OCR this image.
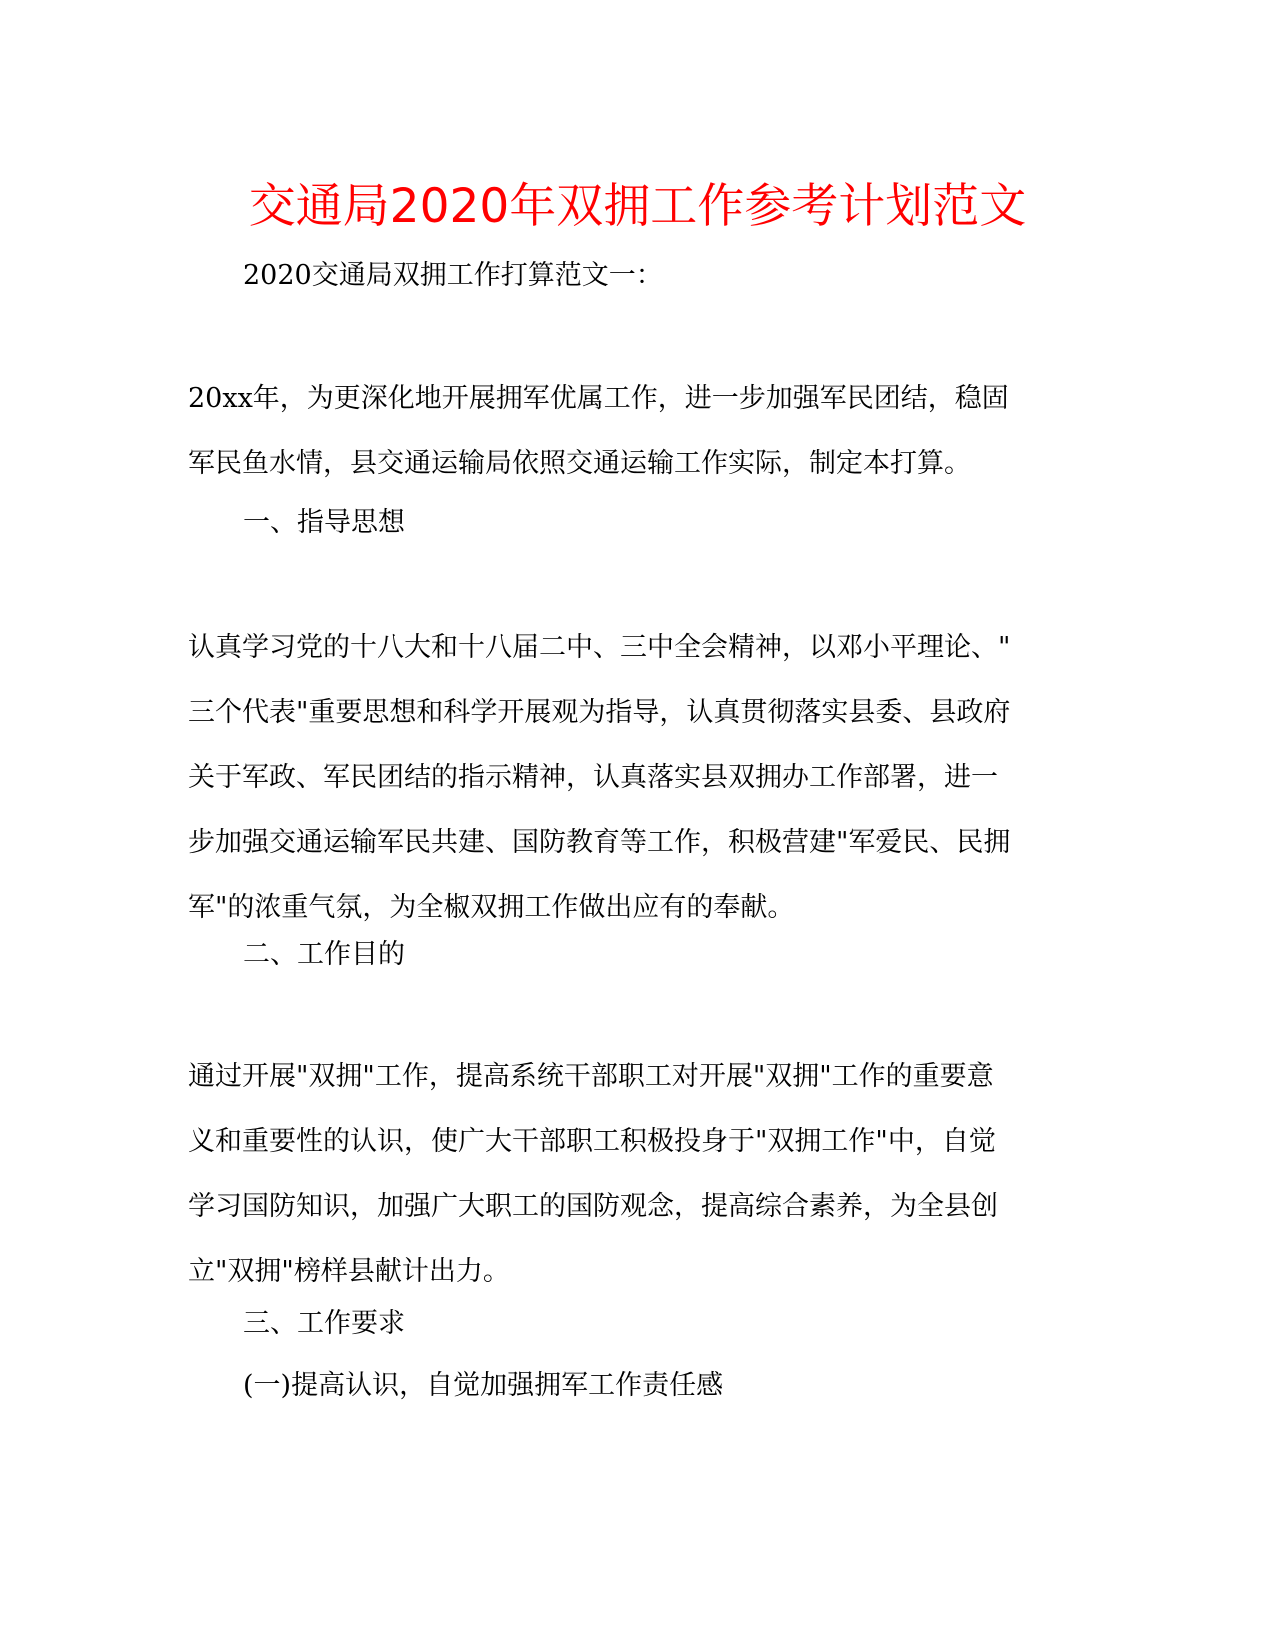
交通局2020年双拥工作参考计划范文
2020交通局双拥工作打算范文一：
20xx年，为更深化地开展拥军优属工作，进一步加强军民团结，稳固
军民鱼水情，县交通运输局依照交通运输工作实际，制定本打算。
一、指导思想
认真学习党的十八大和十八届二中、三中全会精神，以邓小平理论、"
三个代表"重要思想和科学开展观为指导，认真贯彻落实县委、县政府
关于军政、军民团结的指示精神，认真落实县双拥办工作部署，进一
步加强交通运输军民共建、国防教育等工作，积极营建"军爱民、民拥
军"的浓重气氛，为全椒双拥工作做出应有的奉献。
二、工作目的
通过开展"双拥"工作，提高系统干部职工对开展"双拥"工作的重要意
义和重要性的认识，使广大干部职工积极投身于"双拥工作"中，自觉
学习国防知识，加强广大职工的国防观念，提高综合素养，为全县创
立"双拥"榜样县献计出力。
三、工作要求
(一)提高认识，自觉加强拥军工作责任感
